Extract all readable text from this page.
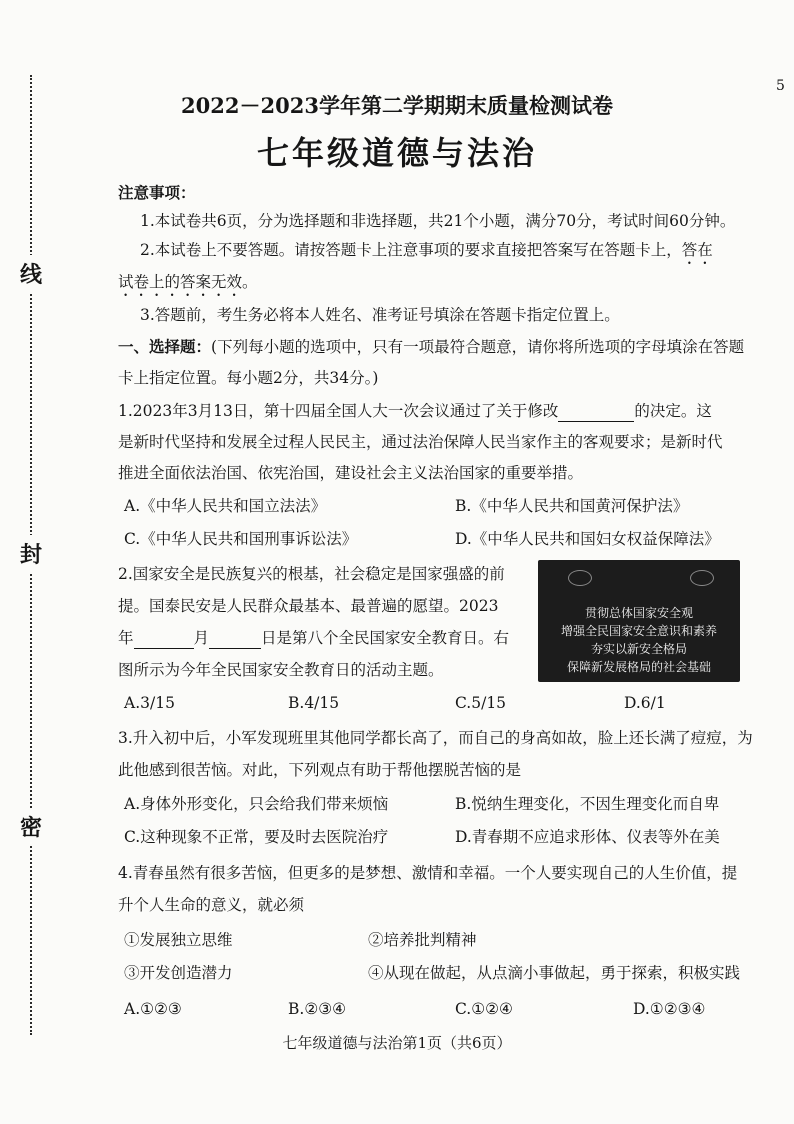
线
封
密
5
2022－2023学年第二学期期末质量检测试卷
七年级道德与法治
注意事项：
1.本试卷共6页，分为选择题和非选择题，共21个小题，满分70分，考试时间60分钟。
2.本试卷上不要答题。请按答题卡上注意事项的要求直接把答案写在答题卡上，答在
试卷上的答案无效。
3.答题前，考生务必将本人姓名、准考证号填涂在答题卡指定位置上。
一、选择题：(下列每小题的选项中，只有一项最符合题意，请你将所选项的字母填涂在答题
卡上指定位置。每小题2分，共34分。)
1.2023年3月13日，第十四届全国人大一次会议通过了关于修改	的决定。这
是新时代坚持和发展全过程人民民主，通过法治保障人民当家作主的客观要求；是新时代
推进全面依法治国、依宪治国，建设社会主义法治国家的重要举措。
A.《中华人民共和国立法法》	B.《中华人民共和国黄河保护法》
C.《中华人民共和国刑事诉讼法》	D.《中华人民共和国妇女权益保障法》
2.国家安全是民族复兴的根基，社会稳定是国家强盛的前
提。国泰民安是人民群众最基本、最普遍的愿望。2023
年	月	日是第八个全民国家安全教育日。右
图所示为今年全民国家安全教育日的活动主题。
贯彻总体国家安全观
增强全民国家安全意识和素养
夯实以新安全格局
保障新发展格局的社会基础
A.3/15	B.4/15	C.5/15	D.6/1
3.升入初中后，小军发现班里其他同学都长高了，而自己的身高如故，脸上还长满了痘痘，为
此他感到很苦恼。对此，下列观点有助于帮他摆脱苦恼的是
A.身体外形变化，只会给我们带来烦恼	B.悦纳生理变化，不因生理变化而自卑
C.这种现象不正常，要及时去医院治疗	D.青春期不应追求形体、仪表等外在美
4.青春虽然有很多苦恼，但更多的是梦想、激情和幸福。一个人要实现自己的人生价值，提
升个人生命的意义，就必须
①发展独立思维	②培养批判精神
③开发创造潜力	④从现在做起，从点滴小事做起，勇于探索，积极实践
A.①②③	B.②③④	C.①②④	D.①②③④
七年级道德与法治第1页（共6页）
